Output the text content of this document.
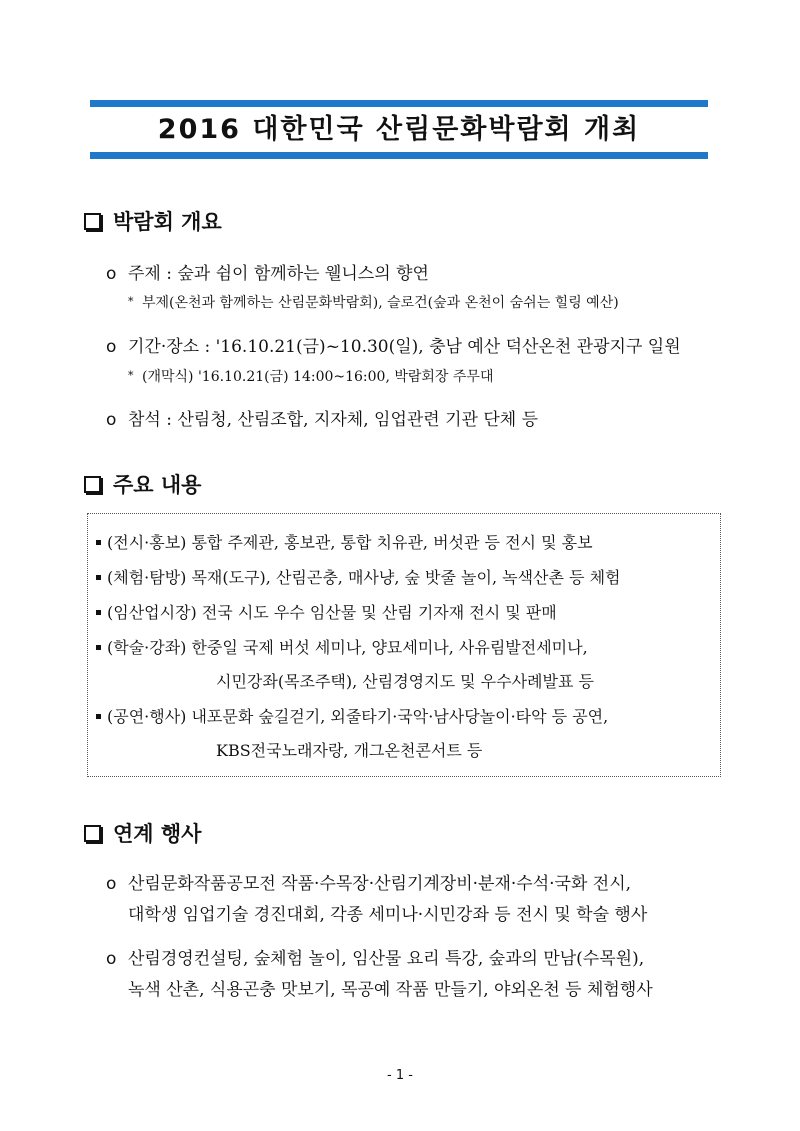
2016 대한민국 산림문화박람회 개최
박람회 개요
o 주제 : 숲과 쉼이 함께하는 웰니스의 향연
* 부제(온천과 함께하는 산림문화박람회), 슬로건(숲과 온천이 숨쉬는 힐링 예산)
o 기간·장소 : '16.10.21(금)~10.30(일), 충남 예산 덕산온천 관광지구 일원
* (개막식) '16.10.21(금) 14:00~16:00, 박람회장 주무대
o 참석 : 산림청, 산림조합, 지자체, 임업관련 기관 단체 등
주요 내용
(전시·홍보) 통합 주제관, 홍보관, 통합 치유관, 버섯관 등 전시 및 홍보
(체험·탐방) 목재(도구), 산림곤충, 매사냥, 숲 밧줄 놀이, 녹색산촌 등 체험
(임산업시장) 전국 시도 우수 임산물 및 산림 기자재 전시 및 판매
(학술·강좌) 한중일 국제 버섯 세미나, 양묘세미나, 사유림발전세미나,
시민강좌(목조주택), 산림경영지도 및 우수사례발표 등
(공연·행사) 내포문화 숲길걷기, 외줄타기·국악·남사당놀이·타악 등 공연,
KBS전국노래자랑, 개그온천콘서트 등
연계 행사
o 산림문화작품공모전 작품·수목장·산림기계장비·분재·수석·국화 전시,
대학생 임업기술 경진대회, 각종 세미나·시민강좌 등 전시 및 학술 행사
o 산림경영컨설팅, 숲체험 놀이, 임산물 요리 특강, 숲과의 만남(수목원),
녹색 산촌, 식용곤충 맛보기, 목공예 작품 만들기, 야외온천 등 체험행사
- 1 -
